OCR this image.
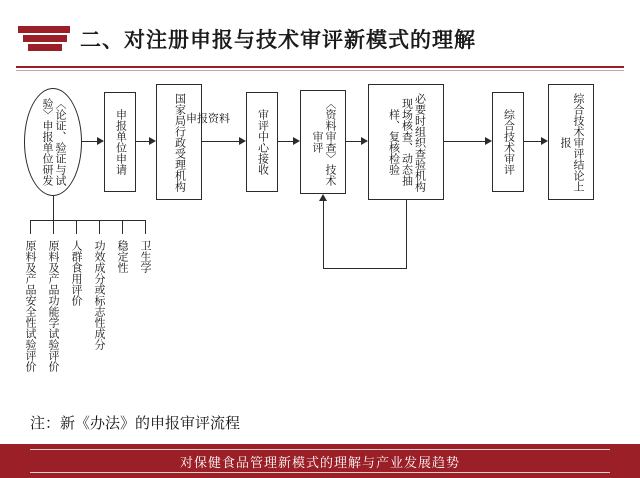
二、对注册申报与技术审评新模式的理解
〈论证、验证与试验〉申报单位研发	申报单位申请	国家局行政受理机构	审评中心接收	〈资料审查〉技术审评	必要时组织查验机构现场核查、动态抽样、复核检验	综合技术审评	综合技术审评结论上报
申报资料
原料及产品安全性试验评价 原料及产品功能学试验评价 人群食用评价 功效成分或标志性成分 稳定性 卫生学
注：新《办法》的申报审评流程
对保健食品管理新模式的理解与产业发展趋势
